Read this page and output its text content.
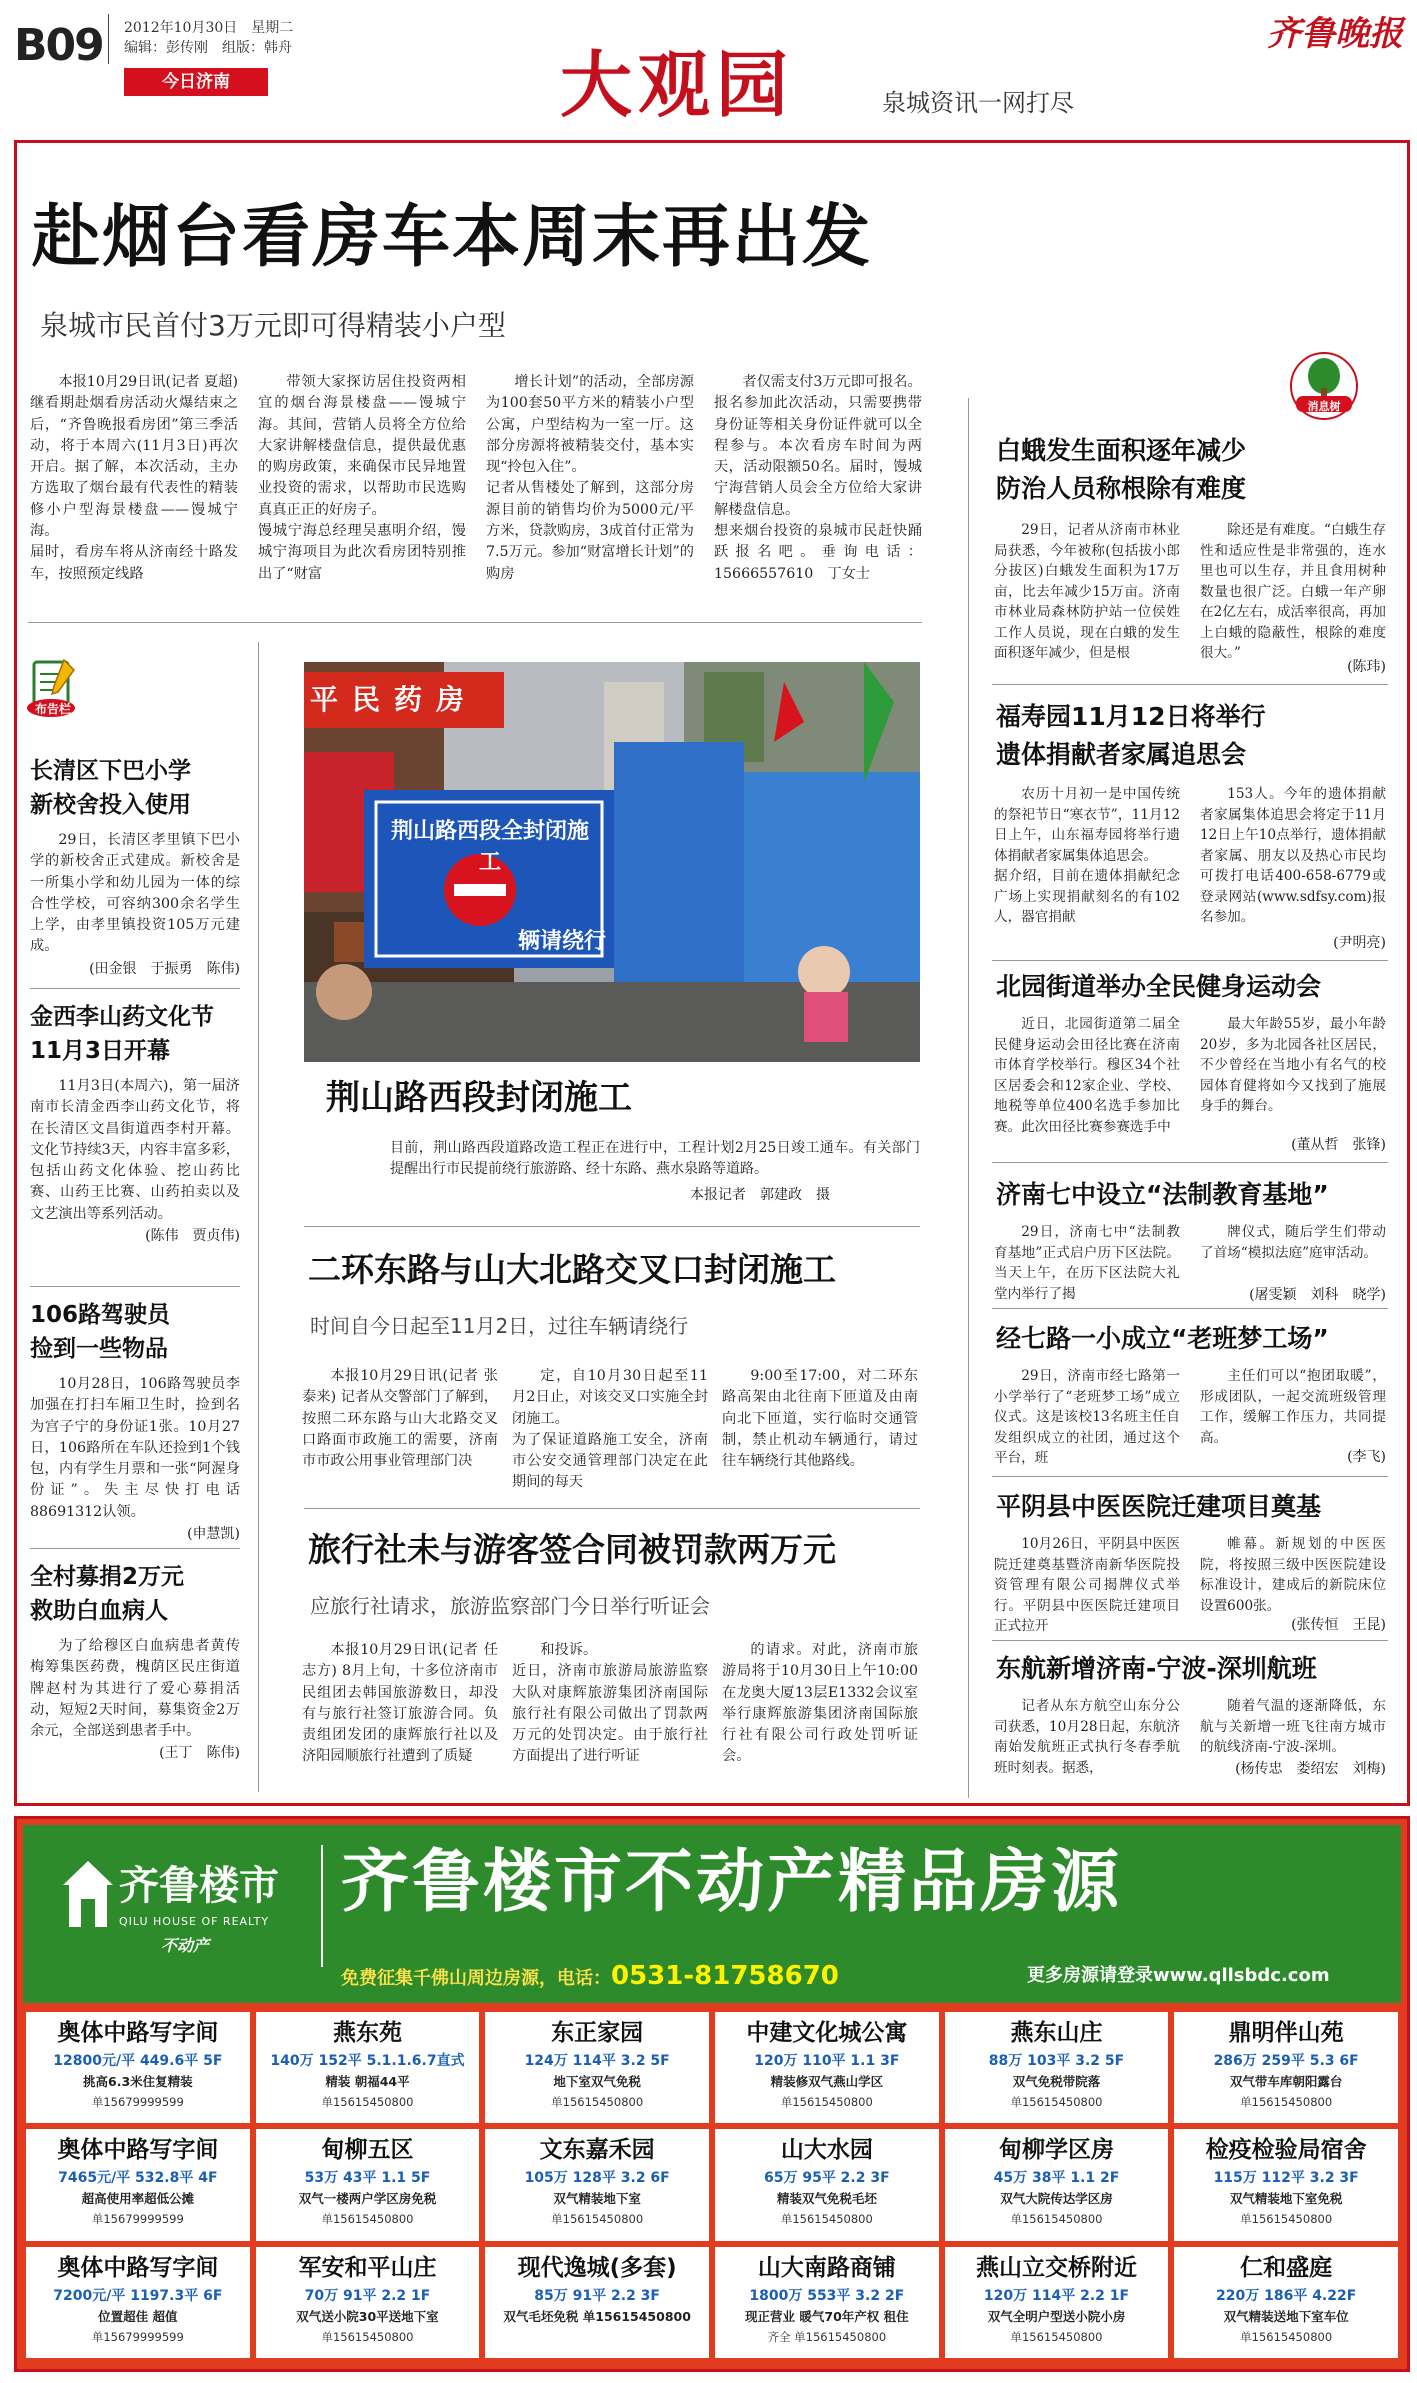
B09 2012年10月30日　星期二
编辑：彭传刚　组版：韩舟
今日济南	大观园	泉城资讯一网打尽
齐鲁晚报
赴烟台看房车本周末再出发
泉城市民首付3万元即可得精装小户型

本报10月29日讯(记者 夏超) 继看期赴烟看房活动火爆结束之后，“齐鲁晚报看房团”第三季活动，将于本周六(11月3日)再次开启。据了解，本次活动，主办方选取了烟台最有代表性的精装修小户型海景楼盘——馒城宁海。
届时，看房车将从济南经十路发车，按照预定线路

带领大家探访居住投资两相宜的烟台海景楼盘——馒城宁海。其间，营销人员将全方位给大家讲解楼盘信息，提供最优惠的购房政策，来确保市民异地置业投资的需求，以帮助市民选购真真正正的好房子。
馒城宁海总经理吴惠明介绍，馒城宁海项目为此次看房团特别推出了“财富

增长计划”的活动，全部房源为100套50平方米的精装小户型公寓，户型结构为一室一厅。这部分房源将被精装交付，基本实现“拎包入住”。
记者从售楼处了解到，这部分房源目前的销售均价为5000元/平方米，贷款购房，3成首付正常为7.5万元。参加“财富增长计划”的购房

者仅需支付3万元即可报名。
报名参加此次活动，只需要携带身份证等相关身份证件就可以全程参与。本次看房车时间为两天，活动限额50名。届时，馒城宁海营销人员会全方位给大家讲解楼盘信息。
想来烟台投资的泉城市民赶快踊跃报名吧。垂询电话：15666557610　丁女士

布告栏
长清区下巴小学
新校舍投入使用

29日，长清区孝里镇下巴小学的新校舍正式建成。新校舍是一所集小学和幼儿园为一体的综合性学校，可容纳300余名学生上学，由孝里镇投资105万元建成。

(田金银　于振勇　陈伟)
金西李山药文化节
11月3日开幕

11月3日(本周六)，第一届济南市长清金西李山药文化节，将在长清区文昌街道西李村开幕。文化节持续3天，内容丰富多彩，包括山药文化体验、挖山药比赛、山药王比赛、山药拍卖以及文艺演出等系列活动。

(陈伟　贾贞伟)
106路驾驶员
捡到一些物品

10月28日，106路驾驶员李加强在打扫车厢卫生时，捡到名为宫子宁的身份证1张。10月27日，106路所在车队还捡到1个钱包，内有学生月票和一张“阿渥身份证”。失主尽快打电话88691312认领。

(申慧凯)
全村募捐2万元
救助白血病人

为了给穆区白血病患者黄传梅筹集医药费，槐荫区民庄街道牌赵村为其进行了爱心募捐活动，短短2天时间，募集资金2万余元，全部送到患者手中。

(王丁　陈伟)
平民药房
荆山路西段全封闭施工
辆请绕行
荆山路西段封闭施工
目前，荆山路西段道路改造工程正在进行中，工程计划2月25日竣工通车。有关部门提醒出行市民提前绕行旅游路、经十东路、燕水泉路等道路。
本报记者　郭建政　摄
二环东路与山大北路交叉口封闭施工
时间自今日起至11月2日，过往车辆请绕行

本报10月29日讯(记者 张泰来) 记者从交警部门了解到，按照二环东路与山大北路交叉口路面市政施工的需要，济南市市政公用事业管理部门决

定，自10月30日起至11月2日止，对该交叉口实施全封闭施工。
为了保证道路施工安全，济南市公安交通管理部门决定在此期间的每天

9:00至17:00，对二环东路高架由北往南下匝道及由南向北下匝道，实行临时交通管制，禁止机动车辆通行，请过往车辆绕行其他路线。

旅行社未与游客签合同被罚款两万元
应旅行社请求，旅游监察部门今日举行听证会

本报10月29日讯(记者 任志方) 8月上旬，十多位济南市民组团去韩国旅游数日，却没有与旅行社签订旅游合同。负责组团发团的康辉旅行社以及济阳园顺旅行社遭到了质疑

和投诉。
近日，济南市旅游局旅游监察大队对康辉旅游集团济南国际旅行社有限公司做出了罚款两万元的处罚决定。由于旅行社方面提出了进行听证

的请求。对此，济南市旅游局将于10月30日上午10:00在龙奥大厦13层E1332会议室举行康辉旅游集团济南国际旅行社有限公司行政处罚听证会。

消息树
白蛾发生面积逐年减少
防治人员称根除有难度

29日，记者从济南市林业局获悉，今年被称(包括拔小郎分拔区)白蛾发生面积为17万亩，比去年减少15万亩。济南市林业局森林防护站一位侯姓工作人员说，现在白蛾的发生面积逐年减少，但是根

除还是有难度。“白蛾生存性和适应性是非常强的，连水里也可以生存，并且食用树种数量也很广泛。白蛾一年产卵在2亿左右，成活率很高，再加上白蛾的隐蔽性，根除的难度很大。”

(陈玮)
福寿园11月12日将举行
遗体捐献者家属追思会

农历十月初一是中国传统的祭祀节日“寒衣节”，11月12日上午，山东福寿园将举行遗体捐献者家属集体追思会。
据介绍，目前在遗体捐献纪念广场上实现捐献刻名的有102人，器官捐献

153人。今年的遗体捐献者家属集体追思会将定于11月12日上午10点举行，遗体捐献者家属、朋友以及热心市民均可拨打电话400-658-6779或登录网站(www.sdfsy.com)报名参加。

(尹明亮)
北园街道举办全民健身运动会

近日，北园街道第二届全民健身运动会田径比赛在济南市体育学校举行。穆区34个社区居委会和12家企业、学校、地税等单位400名选手参加比赛。此次田径比赛参赛选手中

最大年龄55岁，最小年龄20岁，多为北园各社区居民，不少曾经在当地小有名气的校园体育健将如今又找到了施展身手的舞台。

(董从哲　张锋)
济南七中设立“法制教育基地”

29日，济南七中“法制教育基地”正式启户历下区法院。当天上午，在历下区法院大礼堂内举行了揭

牌仪式，随后学生们带动了首场“模拟法庭”庭审活动。

(屠雯颖　刘科　晓学)
经七路一小成立“老班梦工场”

29日，济南市经七路第一小学举行了“老班梦工场”成立仪式。这是该校13名班主任自发组织成立的社团，通过这个平台，班

主任们可以“抱团取暖”，形成团队，一起交流班级管理工作，缓解工作压力，共同提高。

(李飞)
平阴县中医医院迁建项目奠基

10月26日，平阴县中医医院迁建奠基暨济南新华医院投资管理有限公司揭牌仪式举行。平阴县中医医院迁建项目正式拉开

帷幕。新规划的中医医院，将按照三级中医医院建设标准设计，建成后的新院床位设置600张。

(张传恒　王昆)
东航新增济南-宁波-深圳航班

记者从东方航空山东分公司获悉，10月28日起，东航济南始发航班正式执行冬春季航班时刻表。据悉，

随着气温的逐渐降低，东航与关新增一班飞往南方城市的航线济南-宁波-深圳。

(杨传忠　娄绍宏　刘梅)
齐鲁楼市
QILU HOUSE OF REALTY
不动产
齐鲁楼市不动产精品房源
免费征集千佛山周边房源，电话：0531-81758670	更多房源请登录www.qllsbdc.com
奥体中路写字间
12800元/平 449.6平 5F
挑高6.3米住复精装
单15679999599
燕东苑
140万 152平 5.1.1.6.7直式
精装 朝福44平
单15615450800
东正家园
124万 114平 3.2 5F
地下室双气免税
单15615450800
中建文化城公寓
120万 110平 1.1 3F
精装修双气燕山学区
单15615450800
燕东山庄
88万 103平 3.2 5F
双气免税带院落
单15615450800
鼎明伴山苑
286万 259平 5.3 6F
双气带车库朝阳露台
单15615450800
奥体中路写字间
7465元/平 532.8平 4F
超高使用率超低公摊
单15679999599
甸柳五区
53万 43平 1.1 5F
双气一楼两户学区房免税
单15615450800
文东嘉禾园
105万 128平 3.2 6F
双气精装地下室
单15615450800
山大水园
65万 95平 2.2 3F
精装双气免税毛坯
单15615450800
甸柳学区房
45万 38平 1.1 2F
双气大院传达学区房
单15615450800
检疫检验局宿舍
115万 112平 3.2 3F
双气精装地下室免税
单15615450800
奥体中路写字间
7200元/平 1197.3平 6F
位置超佳 超值
单15679999599
军安和平山庄
70万 91平 2.2 1F
双气送小院30平送地下室
单15615450800
现代逸城(多套)
85万 91平 2.2 3F
双气毛坯免税 单15615450800
山大南路商铺
1800万 553平 3.2 2F
现正营业 暖气70年产权 租住
齐全 单15615450800
燕山立交桥附近
120万 114平 2.2 1F
双气全明户型送小院小房
单15615450800
仁和盛庭
220万 186平 4.22F
双气精装送地下室车位
单15615450800
